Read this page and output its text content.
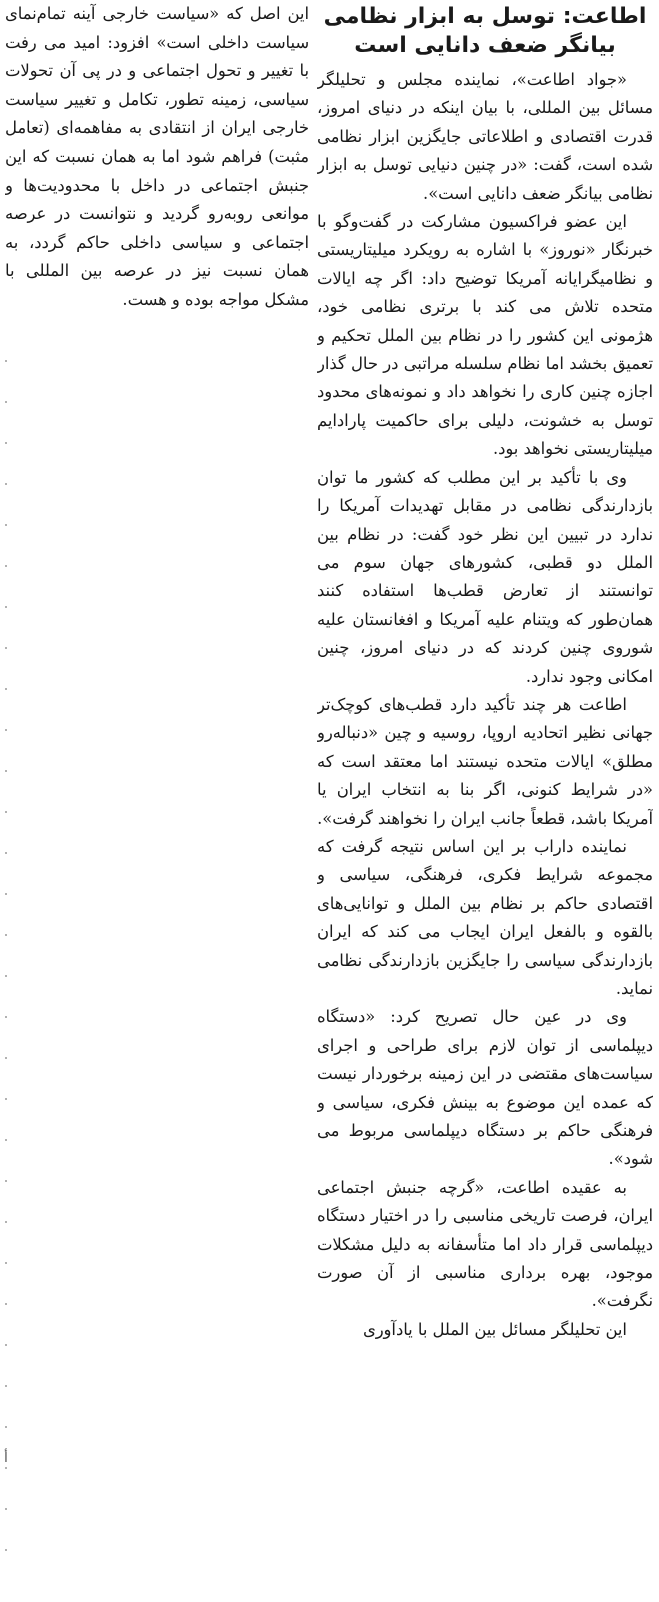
اطاعت: توسل به ابزار نظامی بیانگر ضعف دانایی است

«جواد اطاعت»، نماینده مجلس و تحلیلگر مسائل بین المللی، با بیان اینکه در دنیای امروز، قدرت اقتصادی و اطلاعاتی جایگزین ابزار نظامی شده است، گفت: «در چنین دنیایی توسل به ابزار نظامی بیانگر ضعف دانایی است».

این عضو فراکسیون مشارکت در گفت‌وگو با خبرنگار «نوروز» با اشاره به رویکرد میلیتاریستی و نظامیگرایانه آمریکا توضیح داد: اگر چه ایالات متحده تلاش می کند با برتری نظامی خود، هژمونی این کشور را در نظام بین الملل تحکیم و تعمیق بخشد اما نظام سلسله مراتبی در حال گذار اجازه چنین کاری را نخواهد داد و نمونه‌های محدود توسل به خشونت، دلیلی برای حاکمیت پارادایم میلیتاریستی نخواهد بود.

وی با تأکید بر این مطلب که کشور ما توان بازدارندگی نظامی در مقابل تهدیدات آمریکا را ندارد در تبیین این نظر خود گفت: در نظام بین الملل دو قطبی، کشورهای جهان سوم می توانستند از تعارض قطب‌ها استفاده کنند همان‌طور که ویتنام علیه آمریکا و افغانستان علیه شوروی چنین کردند که در دنیای امروز، چنین امکانی وجود ندارد.

اطاعت هر چند تأکید دارد قطب‌های کوچک‌تر جهانی نظیر اتحادیه اروپا، روسیه و چین «دنباله‌رو مطلق» ایالات متحده نیستند اما معتقد است که «در شرایط کنونی، اگر بنا به انتخاب ایران یا آمریکا باشد، قطعاً جانب ایران را نخواهند گرفت».

نماینده داراب بر این اساس نتیجه گرفت که مجموعه شرایط فکری، فرهنگی، سیاسی و اقتصادی حاکم بر نظام بین الملل و توانایی‌های بالقوه و بالفعل ایران ایجاب می کند که ایران بازدارندگی سیاسی را جایگزین بازدارندگی نظامی نماید.

وی در عین حال تصریح کرد: «دستگاه دیپلماسی از توان لازم برای طراحی و اجرای سیاست‌های مقتضی در این زمینه برخوردار نیست که عمده این موضوع به بینش فکری، سیاسی و فرهنگی حاکم بر دستگاه دیپلماسی مربوط می شود».

به عقیده اطاعت، «گرچه جنبش اجتماعی ایران، فرصت تاریخی مناسبی را در اختیار دستگاه دیپلماسی قرار داد اما متأسفانه به دلیل مشکلات موجود، بهره برداری مناسبی از آن صورت نگرفت».

این تحلیلگر مسائل بین الملل با یادآوری

این اصل که «سیاست خارجی آینه تمام‌نمای سیاست داخلی است» افزود: امید می رفت با تغییر و تحول اجتماعی و در پی آن تحولات سیاسی، زمینه تطور، تکامل و تغییر سیاست خارجی ایران از انتقادی به مفاهمه‌ای (تعامل مثبت) فراهم شود اما به همان نسبت که این جنبش اجتماعی در داخل با محدودیت‌ها و موانعی روبه‌رو گردید و نتوانست در عرصه اجتماعی و سیاسی داخلی حاکم گردد، به همان نسبت نیز در عرصه بین المللی با مشکل مواجه بوده و هست.

أ
